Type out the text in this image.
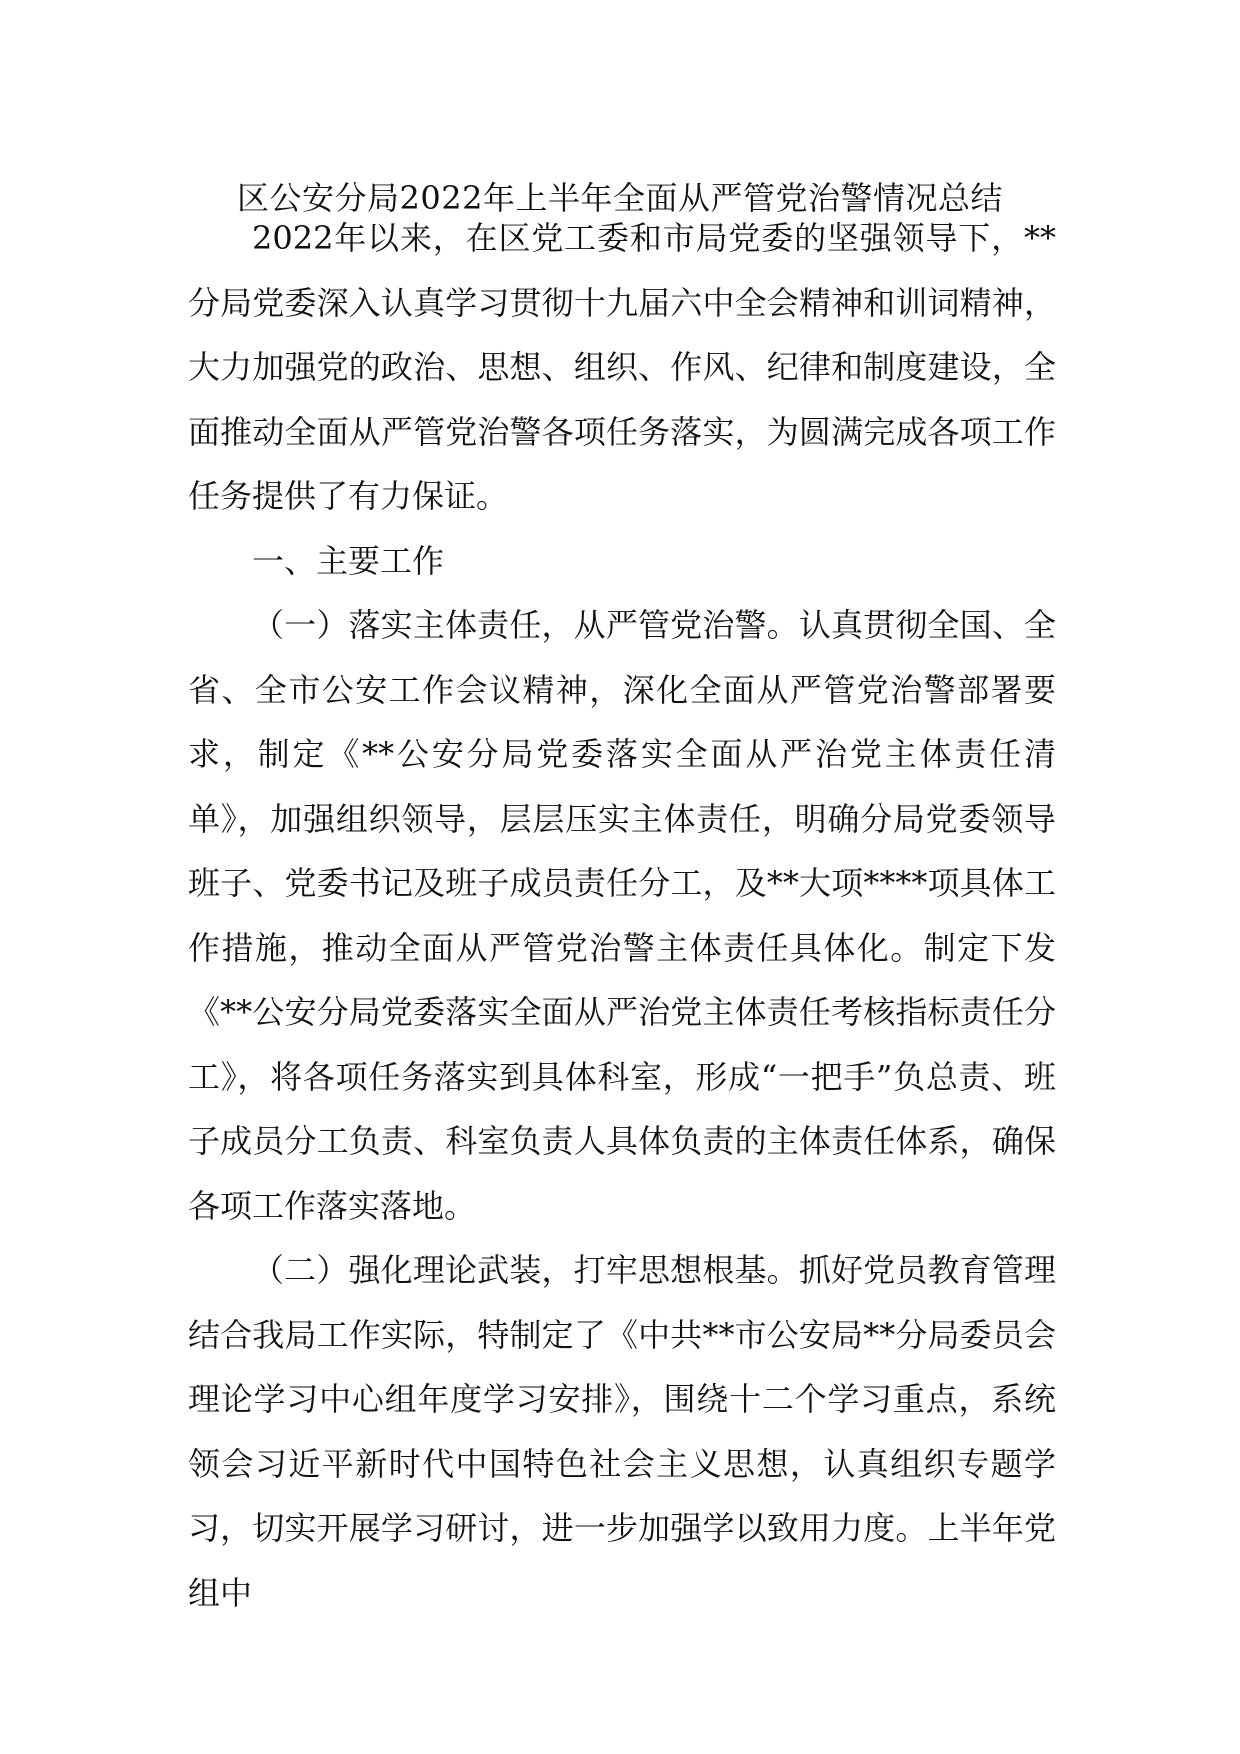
区公安分局2022年上半年全面从严管党治警情况总结

2022年以来，在区党工委和市局党委的坚强领导下，**分局党委深入认真学习贯彻十九届六中全会精神和训词精神，大力加强党的政治、思想、组织、作风、纪律和制度建设，全面推动全面从严管党治警各项任务落实，为圆满完成各项工作任务提供了有力保证。

一、主要工作

（一）落实主体责任，从严管党治警。认真贯彻全国、全省、全市公安工作会议精神，深化全面从严管党治警部署要求，制定《**公安分局党委落实全面从严治党主体责任清单》，加强组织领导，层层压实主体责任，明确分局党委领导班子、党委书记及班子成员责任分工，及**大项****项具体工作措施，推动全面从严管党治警主体责任具体化。制定下发《**公安分局党委落实全面从严治党主体责任考核指标责任分工》，将各项任务落实到具体科室，形成“一把手”负总责、班子成员分工负责、科室负责人具体负责的主体责任体系，确保各项工作落实落地。

（二）强化理论武装，打牢思想根基。抓好党员教育管理结合我局工作实际，特制定了《中共**市公安局**分局委员会理论学习中心组年度学习安排》，围绕十二个学习重点，系统领会习近平新时代中国特色社会主义思想，认真组织专题学习，切实开展学习研讨，进一步加强学以致用力度。上半年党组中
